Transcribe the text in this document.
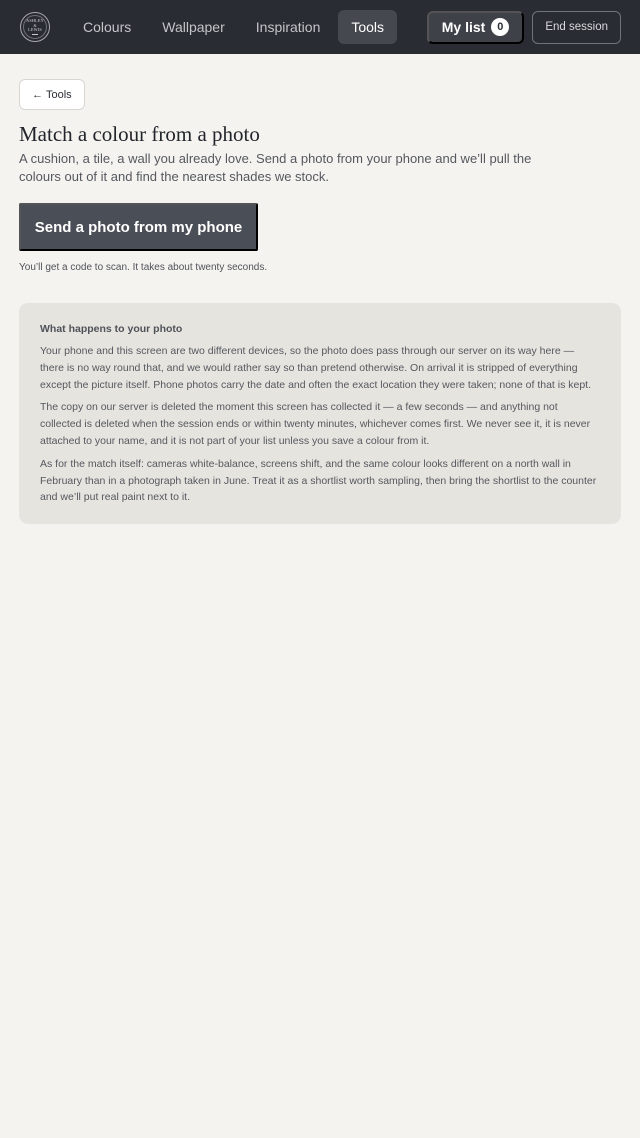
ASHLEY
&
LEWIS	Colours	Wallpaper	Inspiration	Tools	My list	0	End session
← Tools
Match a colour from a photo

A cushion, a tile, a wall you already love. Send a photo from your phone and we’ll pull the colours out of it and find the nearest shades we stock.

Send a photo from my phone

You’ll get a code to scan. It takes about twenty seconds.

What happens to your photo

Your phone and this screen are two different devices, so the photo does pass through our server on its way here — there is no way round that, and we would rather say so than pretend otherwise. On arrival it is stripped of everything except the picture itself. Phone photos carry the date and often the exact location they were taken; none of that is kept.

The copy on our server is deleted the moment this screen has collected it — a few seconds — and anything not collected is deleted when the session ends or within twenty minutes, whichever comes first. We never see it, it is never attached to your name, and it is not part of your list unless you save a colour from it.

As for the match itself: cameras white-balance, screens shift, and the same colour looks different on a north wall in February than in a photograph taken in June. Treat it as a shortlist worth sampling, then bring the shortlist to the counter and we’ll put real paint next to it.
